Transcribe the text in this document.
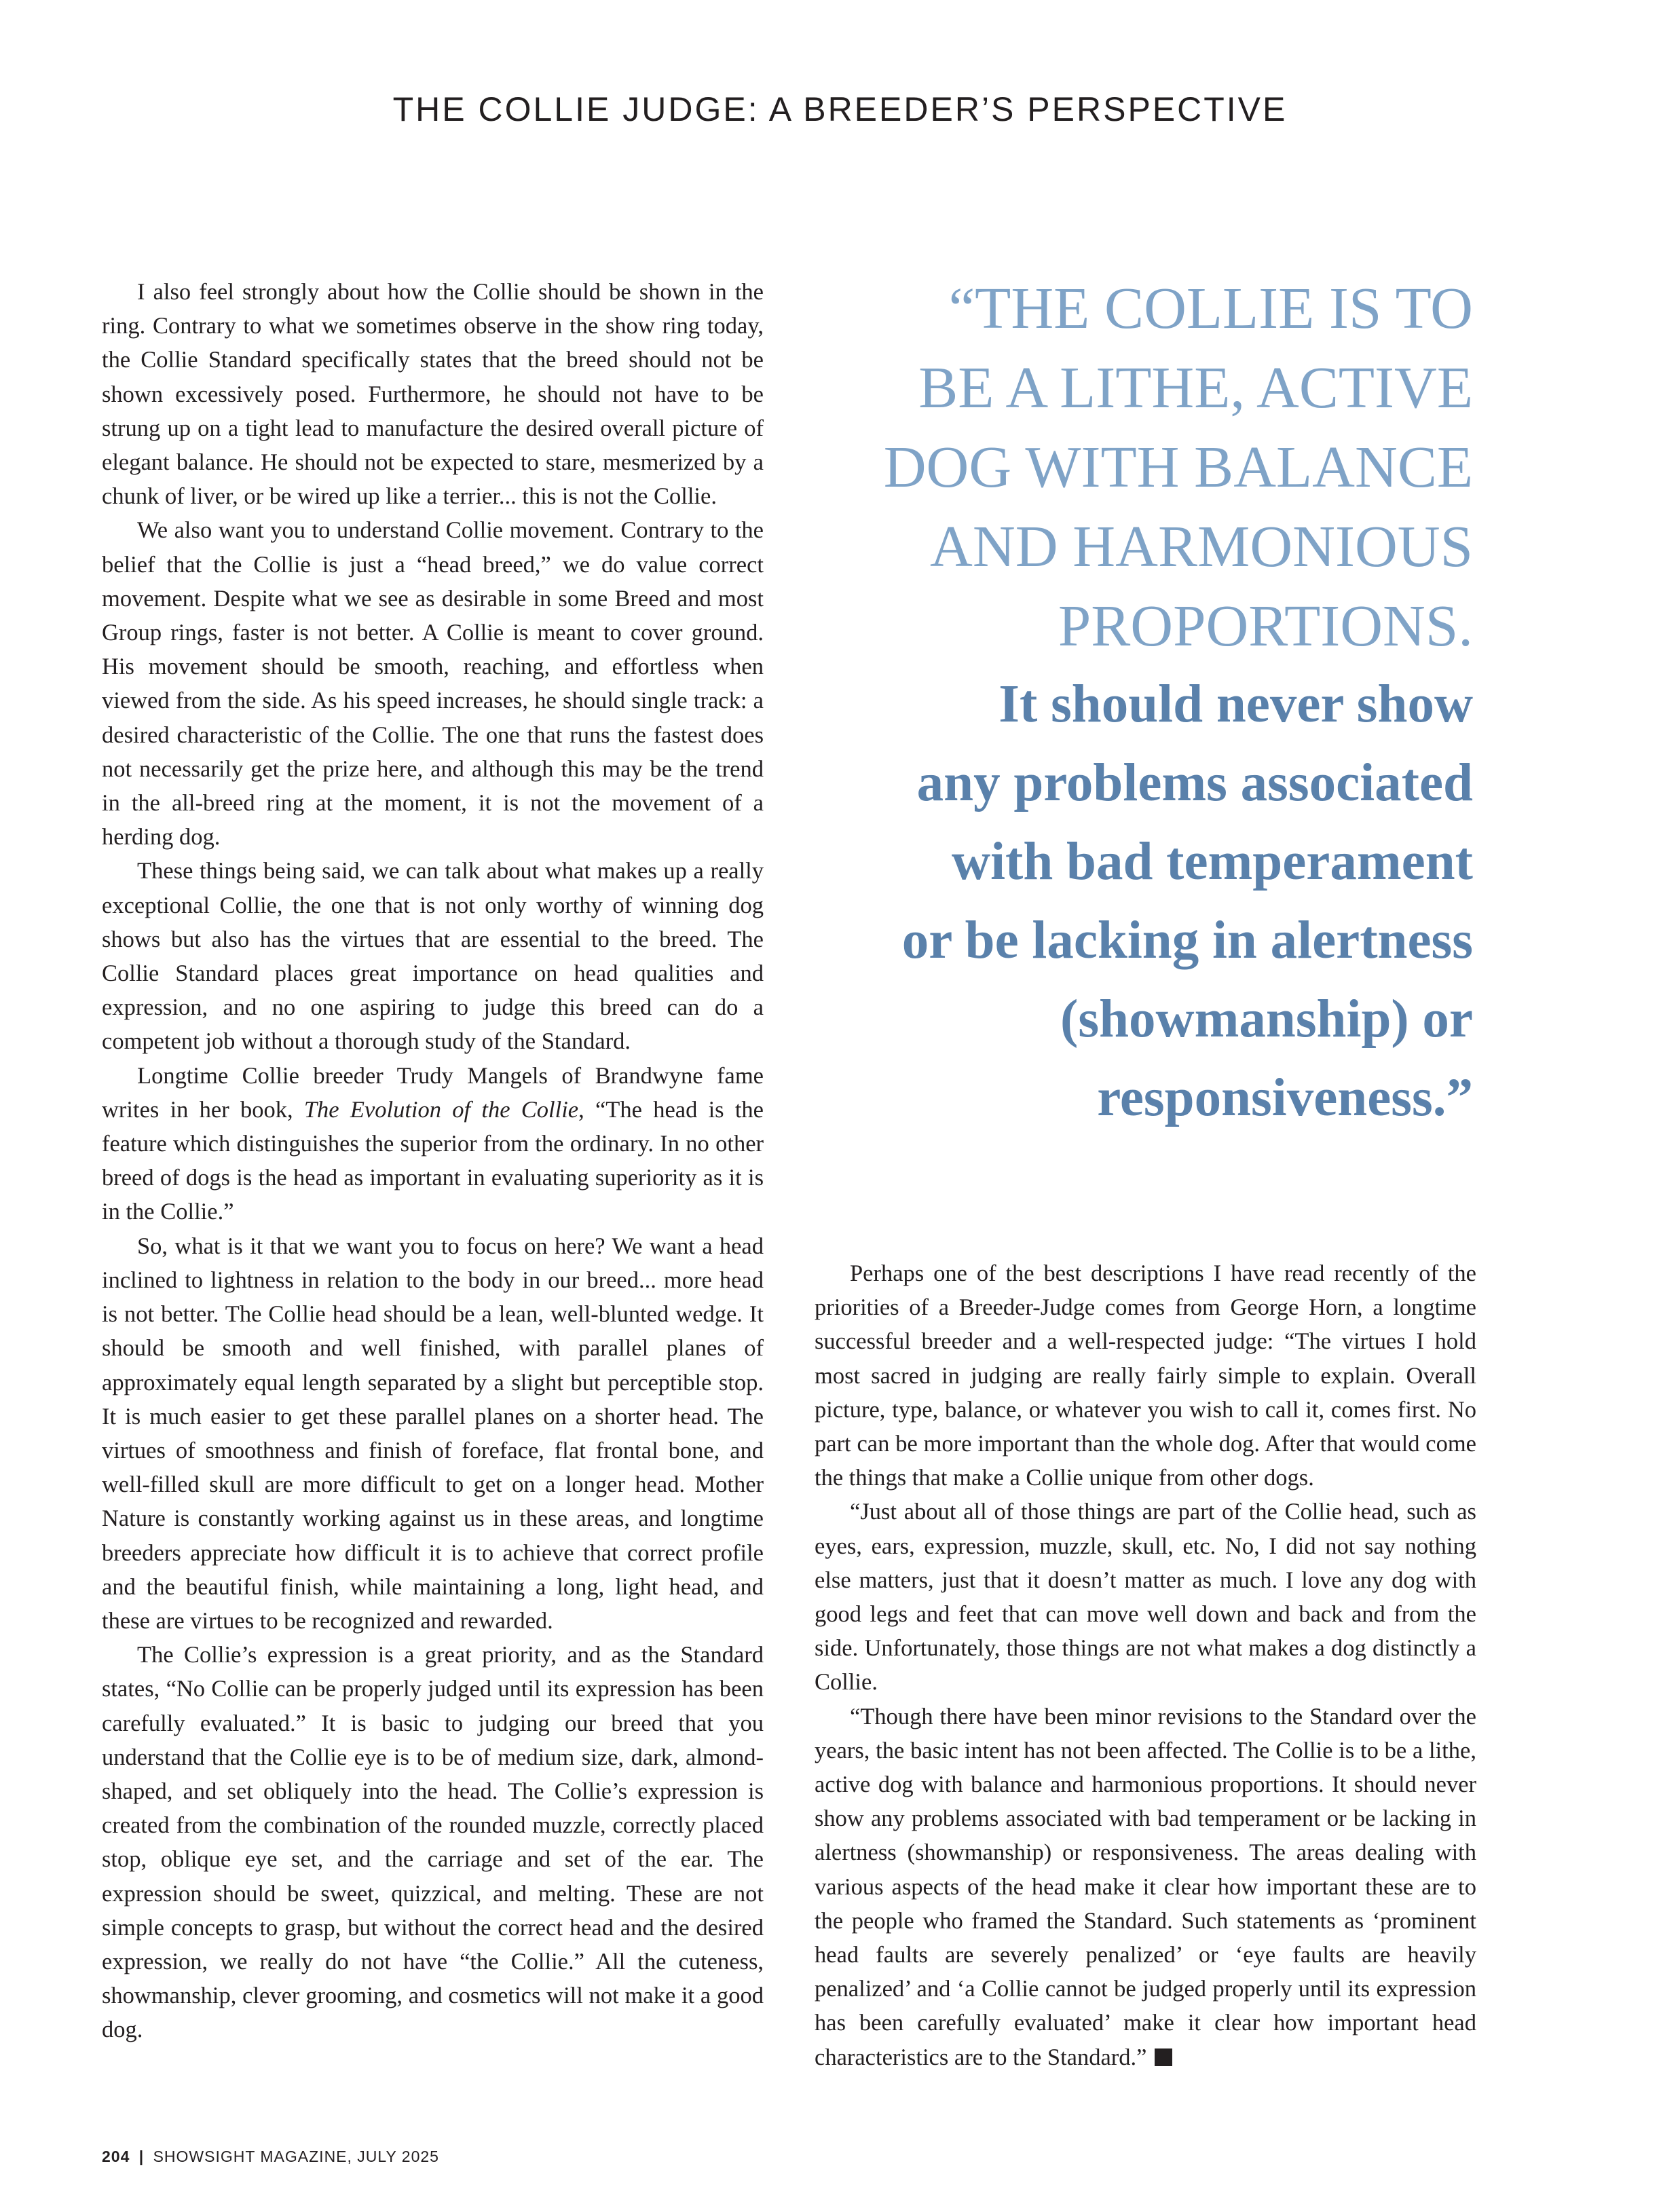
THE COLLIE JUDGE: A BREEDER’S PERSPECTIVE

I also feel strongly about how the Collie should be shown in the ring. Contrary to what we sometimes observe in the show ring today, the Collie Standard specifically states that the breed should not be shown excessively posed. Furthermore, he should not have to be strung up on a tight lead to manufacture the desired overall picture of elegant balance. He should not be expected to stare, mesmerized by a chunk of liver, or be wired up like a terrier... this is not the Collie.

We also want you to understand Collie movement. Contrary to the belief that the Collie is just a “head breed,” we do value correct movement. Despite what we see as desirable in some Breed and most Group rings, faster is not better. A Collie is meant to cover ground. His movement should be smooth, reaching, and effortless when viewed from the side. As his speed increases, he should single track: a desired characteristic of the Collie. The one that runs the fastest does not necessarily get the prize here, and although this may be the trend in the all-breed ring at the moment, it is not the movement of a herding dog.

These things being said, we can talk about what makes up a really exceptional Collie, the one that is not only worthy of winning dog shows but also has the virtues that are essential to the breed. The Collie Standard places great importance on head qualities and expression, and no one aspiring to judge this breed can do a competent job without a thorough study of the Standard.

Longtime Collie breeder Trudy Mangels of Brandwyne fame writes in her book, The Evolution of the Collie, “The head is the feature which distinguishes the superior from the ordinary. In no other breed of dogs is the head as important in evaluating superiority as it is in the Collie.”

So, what is it that we want you to focus on here? We want a head inclined to lightness in relation to the body in our breed... more head is not better. The Collie head should be a lean, well-blunted wedge. It should be smooth and well finished, with parallel planes of approximately equal length separated by a slight but perceptible stop. It is much easier to get these parallel planes on a shorter head. The virtues of smoothness and finish of foreface, flat frontal bone, and well-filled skull are more difficult to get on a longer head. Mother Nature is constantly working against us in these areas, and longtime breeders appreciate how difficult it is to achieve that correct profile and the beautiful finish, while maintaining a long, light head, and these are virtues to be recognized and rewarded.

The Collie’s expression is a great priority, and as the Standard states, “No Collie can be properly judged until its expression has been carefully evaluated.” It is basic to judging our breed that you understand that the Collie eye is to be of medium size, dark, almond-shaped, and set obliquely into the head. The Collie’s expression is created from the combination of the rounded muzzle, correctly placed stop, oblique eye set, and the carriage and set of the ear. The expression should be sweet, quizzical, and melting. These are not simple concepts to grasp, but without the correct head and the desired expression, we really do not have “the Collie.” All the cuteness, showmanship, clever grooming, and cosmetics will not make it a good dog.

“THE COLLIE IS TO
BE A LITHE, ACTIVE
DOG WITH BALANCE
AND HARMONIOUS
PROPORTIONS.
It should never show
any problems associated
with bad temperament
or be lacking in alertness
(showmanship) or
responsiveness.”

Perhaps one of the best descriptions I have read recently of the priorities of a Breeder-Judge comes from George Horn, a longtime successful breeder and a well-respected judge: “The virtues I hold most sacred in judging are really fairly simple to explain. Overall picture, type, balance, or whatever you wish to call it, comes first. No part can be more important than the whole dog. After that would come the things that make a Collie unique from other dogs.

“Just about all of those things are part of the Collie head, such as eyes, ears, expression, muzzle, skull, etc. No, I did not say nothing else matters, just that it doesn’t matter as much. I love any dog with good legs and feet that can move well down and back and from the side. Unfortunately, those things are not what makes a dog distinctly a Collie.

“Though there have been minor revisions to the Standard over the years, the basic intent has not been affected. The Collie is to be a lithe, active dog with balance and harmonious proportions. It should never show any problems associated with bad temperament or be lacking in alertness (showmanship) or responsiveness. The areas dealing with various aspects of the head make it clear how important these are to the people who framed the Standard. Such statements as ‘prominent head faults are severely penalized’ or ‘eye faults are heavily penalized’ and ‘a Collie cannot be judged properly until its expression has been carefully evaluated’ make it clear how important head characteristics are to the Standard.”

204 | SHOWSIGHT MAGAZINE, JULY 2025
